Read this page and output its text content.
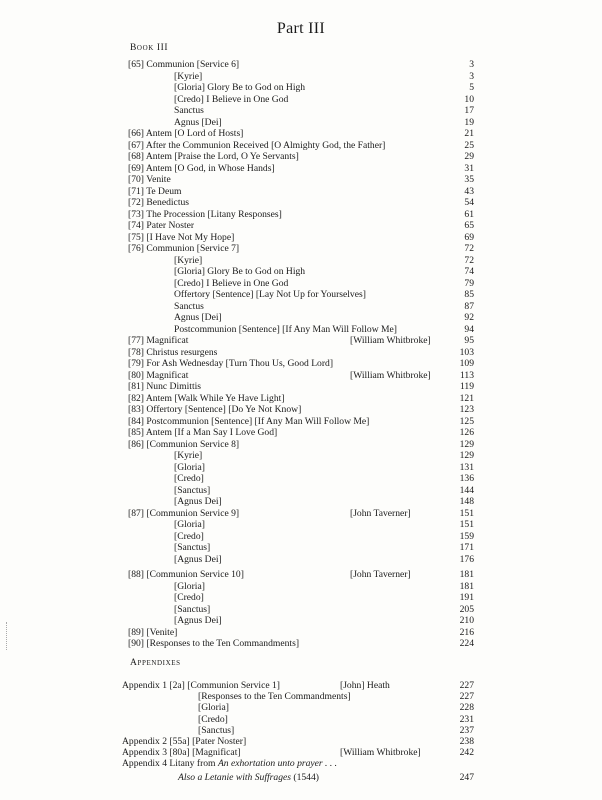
Part III
Book III
[65] Communion [Service 6]	3
[Kyrie]	3
[Gloria] Glory Be to God on High	5
[Credo] I Believe in One God	10
Sanctus	17
Agnus [Dei]	19
[66] Antem [O Lord of Hosts]	21
[67] After the Communion Received [O Almighty God, the Father]	25
[68] Antem [Praise the Lord, O Ye Servants]	29
[69] Antem [O God, in Whose Hands]	31
[70] Venite	35
[71] Te Deum	43
[72] Benedictus	54
[73] The Procession [Litany Responses]	61
[74] Pater Noster	65
[75] [I Have Not My Hope]	69
[76] Communion [Service 7]	72
[Kyrie]	72
[Gloria] Glory Be to God on High	74
[Credo] I Believe in One God	79
Offertory [Sentence] [Lay Not Up for Yourselves]	85
Sanctus	87
Agnus [Dei]	92
Postcommunion [Sentence] [If Any Man Will Follow Me]	94
[77] Magnificat	[William Whitbroke]	95
[78] Christus resurgens	103
[79] For Ash Wednesday [Turn Thou Us, Good Lord]	109
[80] Magnificat	[William Whitbroke]	113
[81] Nunc Dimittis	119
[82] Antem [Walk While Ye Have Light]	121
[83] Offertory [Sentence] [Do Ye Not Know]	123
[84] Postcommunion [Sentence] [If Any Man Will Follow Me]	125
[85] Antem [If a Man Say I Love God]	126
[86] [Communion Service 8]	129
[Kyrie]	129
[Gloria]	131
[Credo]	136
[Sanctus]	144
[Agnus Dei]	148
[87] [Communion Service 9]	[John Taverner]	151
[Gloria]	151
[Credo]	159
[Sanctus]	171
[Agnus Dei]	176
[88] [Communion Service 10]	[John Taverner]	181
[Gloria]	181
[Credo]	191
[Sanctus]	205
[Agnus Dei]	210
[89] [Venite]	216
[90] [Responses to the Ten Commandments]	224
Appendixes
Appendix 1 [2a] [Communion Service 1]	[John] Heath	227
[Responses to the Ten Commandments]	227
[Gloria]	228
[Credo]	231
[Sanctus]	237
Appendix 2 [55a] [Pater Noster]	238
Appendix 3 [80a] [Magnificat]	[William Whitbroke]	242
Appendix 4 Litany from An exhortation unto prayer . . .
Also a Letanie with Suffrages (1544)	247
